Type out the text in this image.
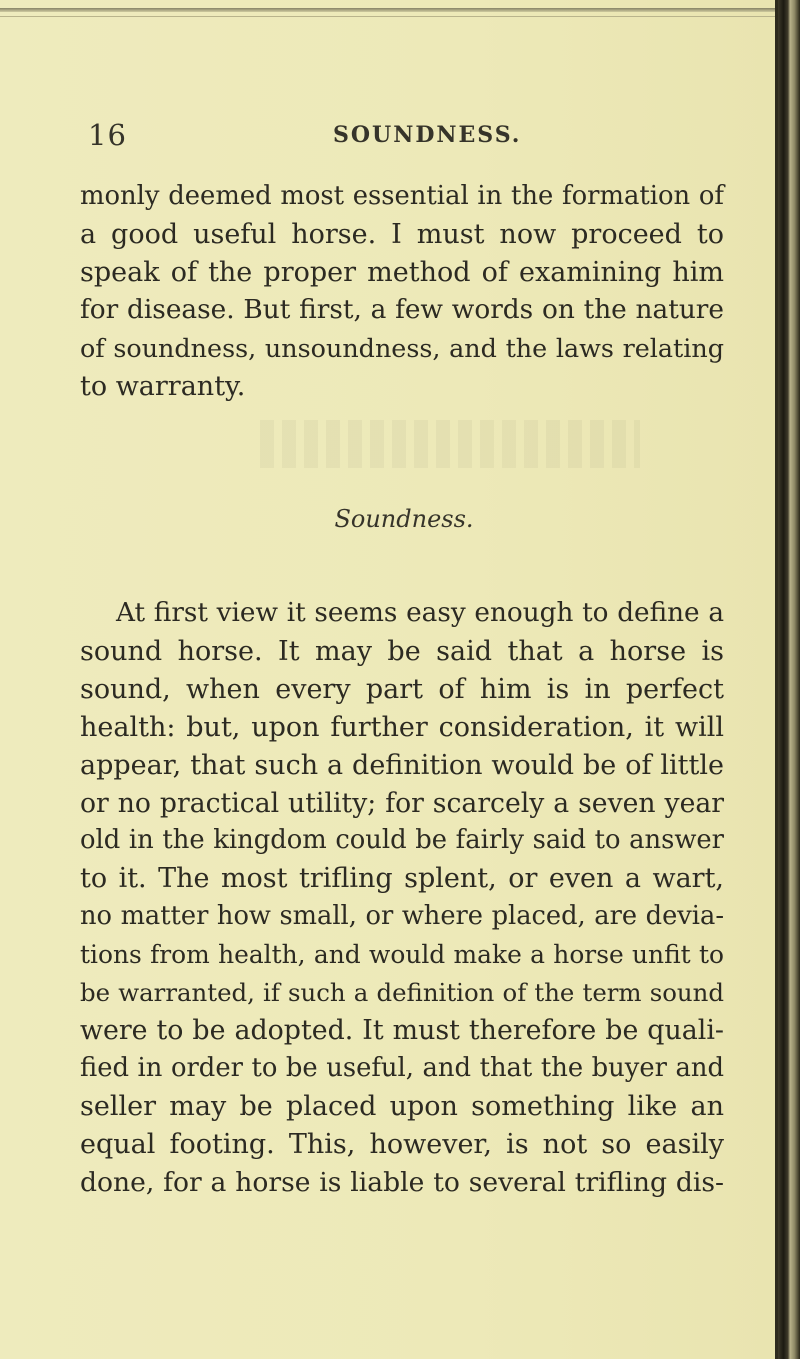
16	SOUNDNESS.
monly deemed most essential in the formation of
a good useful horse. I must now proceed to
speak of the proper method of examining him
for disease. But first, a few words on the nature
of soundness, unsoundness, and the laws relating
to warranty.
Soundness.
At first view it seems easy enough to define a
sound horse. It may be said that a horse is
sound, when every part of him is in perfect
health: but, upon further consideration, it will
appear, that such a definition would be of little
or no practical utility; for scarcely a seven year
old in the kingdom could be fairly said to answer
to it. The most trifling splent, or even a wart,
no matter how small, or where placed, are devia-
tions from health, and would make a horse unfit to
be warranted, if such a definition of the term sound
were to be adopted. It must therefore be quali-
fied in order to be useful, and that the buyer and
seller may be placed upon something like an
equal footing. This, however, is not so easily
done, for a horse is liable to several trifling dis-
